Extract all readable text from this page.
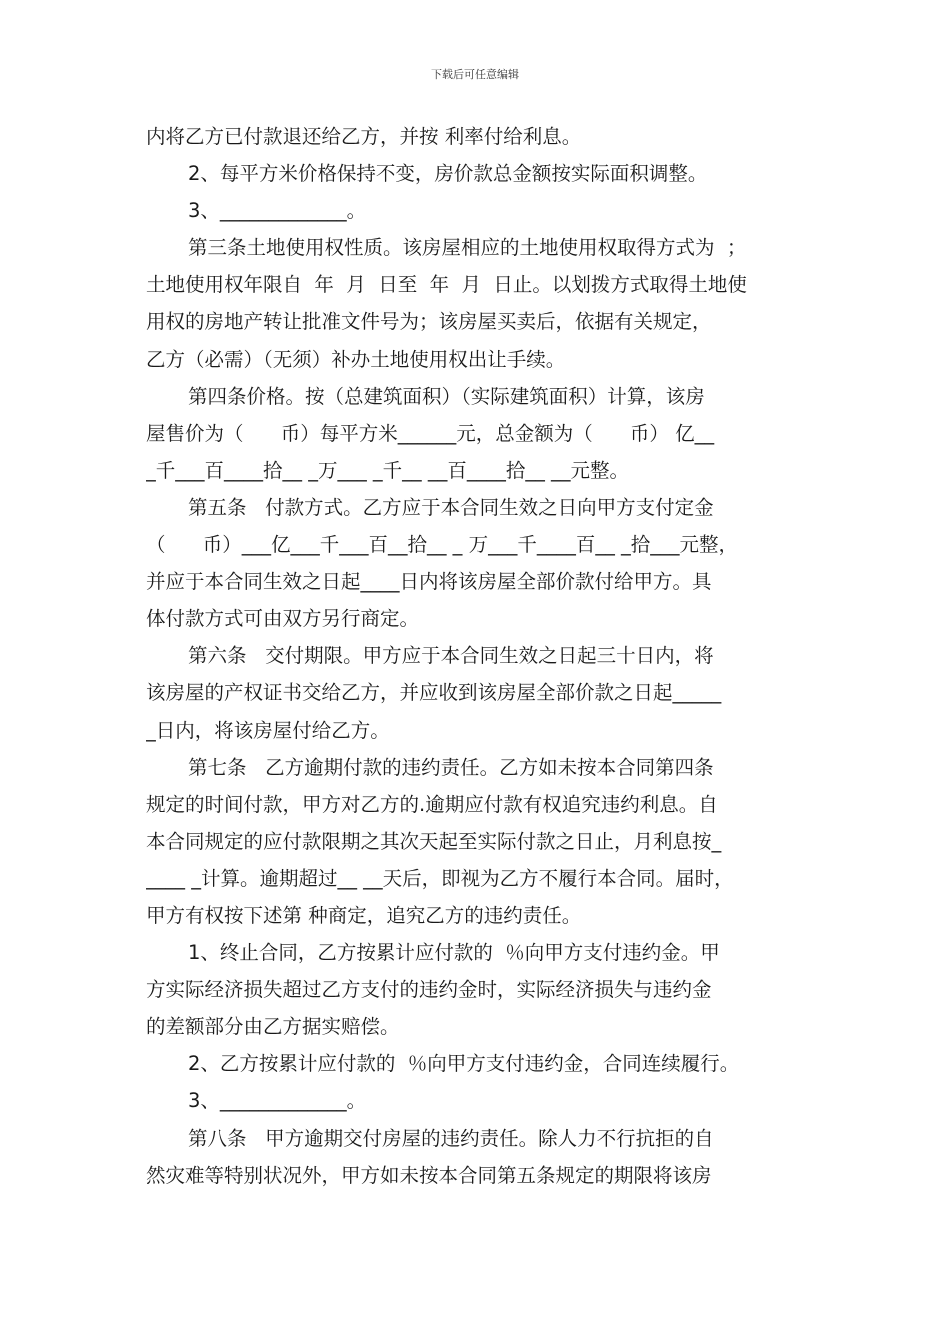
下载后可任意编辑
内将乙方已付款退还给乙方，并按 利率付给利息。
2、每平方米价格保持不变，房价款总金额按实际面积调整。
3、_____________。
第三条土地使用权性质。该房屋相应的土地使用权取得方式为  ；
土地使用权年限自  年  月  日至  年  月  日止。以划拨方式取得土地使
用权的房地产转让批准文件号为；该房屋买卖后，依据有关规定，
乙方（必需）（无须）补办土地使用权出让手续。
第四条价格。按（总建筑面积）（实际建筑面积）计算，该房
屋售价为（      币）每平方米______元，总金额为（      币） 亿__
_千___百____拾__ _万___ _千__ __百____拾__ __元整。
第五条   付款方式。乙方应于本合同生效之日向甲方支付定金
（      币）___亿___千___百__拾__ _ 万___千____百__ _拾___元整，
并应于本合同生效之日起____日内将该房屋全部价款付给甲方。具
体付款方式可由双方另行商定。
第六条   交付期限。甲方应于本合同生效之日起三十日内，将
该房屋的产权证书交给乙方，并应收到该房屋全部价款之日起_____
_日内，将该房屋付给乙方。
第七条   乙方逾期付款的违约责任。乙方如未按本合同第四条
规定的时间付款，甲方对乙方的.逾期应付款有权追究违约利息。自
本合同规定的应付款限期之其次天起至实际付款之日止，月利息按_
____ _计算。逾期超过__ __天后，即视为乙方不履行本合同。届时，
甲方有权按下述第 种商定，追究乙方的违约责任。
1、终止合同，乙方按累计应付款的  ％向甲方支付违约金。甲
方实际经济损失超过乙方支付的违约金时，实际经济损失与违约金
的差额部分由乙方据实赔偿。
2、乙方按累计应付款的  ％向甲方支付违约金，合同连续履行。
3、_____________。
第八条   甲方逾期交付房屋的违约责任。除人力不行抗拒的自
然灾难等特别状况外，甲方如未按本合同第五条规定的期限将该房
